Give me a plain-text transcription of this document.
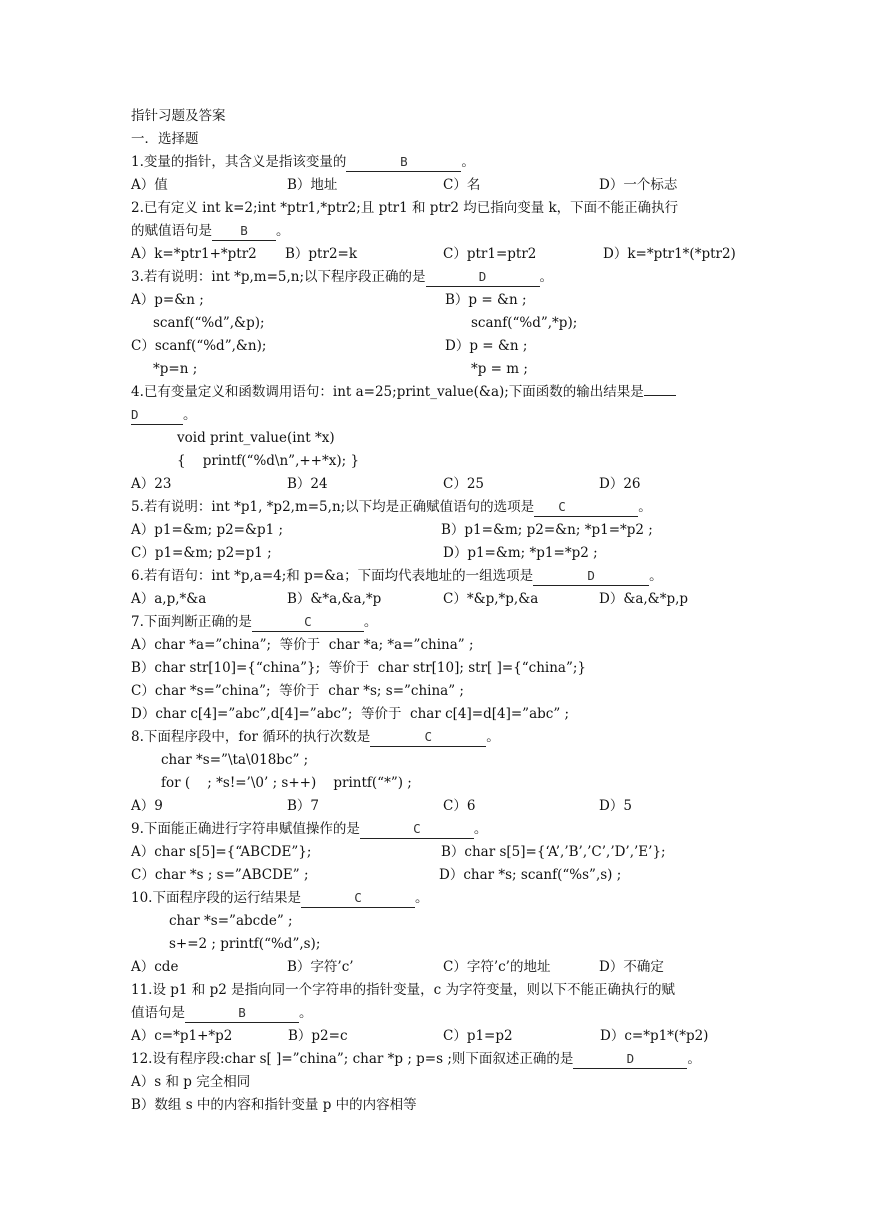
指针习题及答案
一．选择题
1.变量的指针，其含义是指该变量的	B	。
A）值	B）地址	C）名	D）一个标志
2.已有定义 int k=2;int *ptr1,*ptr2;且 ptr1 和 ptr2 均已指向变量 k，下面不能正确执行
的赋值语句是 B 。
A）k=*ptr1+*ptr2 B）ptr2=k	C）ptr1=ptr2	D）k=*ptr1*(*ptr2)
3.若有说明：int *p,m=5,n;以下程序段正确的是	D	。
A）p=&n ;	B）p = &n ;
scanf(“%d”,&p);	scanf(“%d”,*p);
C）scanf(“%d”,&n);	D）p = &n ;
*p=n ;	*p = m ;
4.已有变量定义和函数调用语句：int a=25;print_value(&a);下面函数的输出结果是
D	。
void print_value(int *x)
{    printf(“%d\n”,++*x); }
A）23	B）24	C）25	D）26
5.若有说明：int *p1, *p2,m=5,n;以下均是正确赋值语句的选项是 C	。
A）p1=&m; p2=&p1 ;	B）p1=&m; p2=&n; *p1=*p2 ;
C）p1=&m; p2=p1 ;	D）p1=&m; *p1=*p2 ;
6.若有语句：int *p,a=4;和 p=&a；下面均代表地址的一组选项是	D	。
A）a,p,*&a	B）&*a,&a,*p	C）*&p,*p,&a	D）&a,&*p,p
7.下面判断正确的是	C	。
A）char *a=”china”;  等价于  char *a; *a=”china” ;
B）char str[10]={“china”};  等价于  char str[10]; str[ ]={“china”;}
C）char *s=”china”;  等价于  char *s; s=”china” ;
D）char c[4]=”abc”,d[4]=”abc”;  等价于  char c[4]=d[4]=”abc” ;
8.下面程序段中，for 循环的执行次数是	C	。
char *s=”\ta\018bc” ;
for (    ; *s!=’\0’ ; s++)    printf(“*”) ;
A）9	B）7	C）6	D）5
9.下面能正确进行字符串赋值操作的是	C	。
A）char s[5]={“ABCDE”};	B）char s[5]={‘A’,’B’,’C’,’D’,’E’};
C）char *s ; s=”ABCDE” ;	D）char *s; scanf(“%s”,s) ;
10.下面程序段的运行结果是	C	。
char *s=”abcde” ;
s+=2 ; printf(“%d”,s);
A）cde	B）字符’c’	C）字符’c’的地址	D）不确定
11.设 p1 和 p2 是指向同一个字符串的指针变量，c 为字符变量，则以下不能正确执行的赋
值语句是	B	。
A）c=*p1+*p2	B）p2=c	C）p1=p2	D）c=*p1*(*p2)
12.设有程序段:char s[ ]=”china”; char *p ; p=s ;则下面叙述正确的是	D	。
A）s 和 p 完全相同
B）数组 s 中的内容和指针变量 p 中的内容相等
